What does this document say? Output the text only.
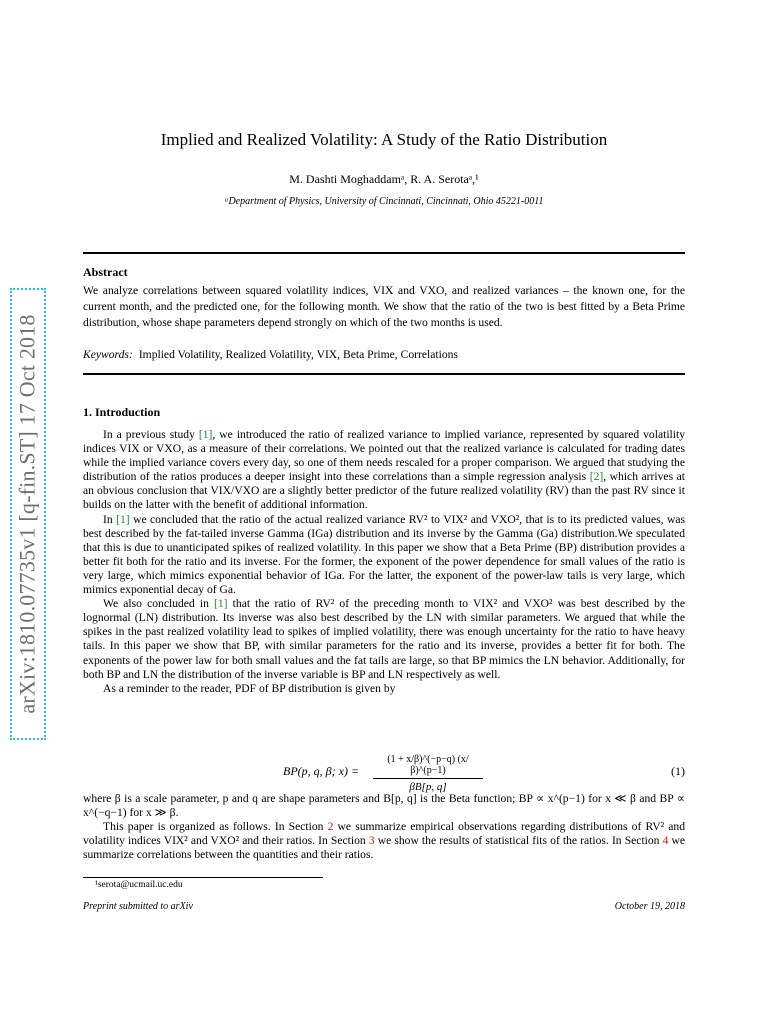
arXiv:1810.07735v1 [q-fin.ST] 17 Oct 2018
Implied and Realized Volatility: A Study of the Ratio Distribution
M. Dashti Moghaddamᵃ, R. A. Serotaᵃ,¹
ᵃDepartment of Physics, University of Cincinnati, Cincinnati, Ohio 45221-0011
Abstract
We analyze correlations between squared volatility indices, VIX and VXO, and realized variances – the known one, for the current month, and the predicted one, for the following month. We show that the ratio of the two is best fitted by a Beta Prime distribution, whose shape parameters depend strongly on which of the two months is used.
Keywords: Implied Volatility, Realized Volatility, VIX, Beta Prime, Correlations
1. Introduction

In a previous study [1], we introduced the ratio of realized variance to implied variance, represented by squared volatility indices VIX or VXO, as a measure of their correlations. We pointed out that the realized variance is calculated for trading dates while the implied variance covers every day, so one of them needs rescaled for a proper comparison. We argued that studying the distribution of the ratios produces a deeper insight into these correlations than a simple regression analysis [2], which arrives at an obvious conclusion that VIX/VXO are a slightly better predictor of the future realized volatility (RV) than the past RV since it builds on the latter with the benefit of additional information.

In [1] we concluded that the ratio of the actual realized variance RV² to VIX² and VXO², that is to its predicted values, was best described by the fat-tailed inverse Gamma (IGa) distribution and its inverse by the Gamma (Ga) distribution.We speculated that this is due to unanticipated spikes of realized volatility. In this paper we show that a Beta Prime (BP) distribution provides a better fit both for the ratio and its inverse. For the former, the exponent of the power dependence for small values of the ratio is very large, which mimics exponential behavior of IGa. For the latter, the exponent of the power-law tails is very large, which mimics exponential decay of Ga.

We also concluded in [1] that the ratio of RV² of the preceding month to VIX² and VXO² was best described by the lognormal (LN) distribution. Its inverse was also best described by the LN with similar parameters. We argued that while the spikes in the past realized volatility lead to spikes of implied volatility, there was enough uncertainty for the ratio to have heavy tails. In this paper we show that BP, with similar parameters for the ratio and its inverse, provides a better fit for both. The exponents of the power law for both small values and the fat tails are large, so that BP mimics the LN behavior. Additionally, for both BP and LN the distribution of the inverse variable is BP and LN respectively as well.

As a reminder to the reader, PDF of BP distribution is given by

BP(p, q, β; $x) = \frac{(1 + x/\beta)\^{}(-p-q) (x/\beta)\^{}(p-1)}{\beta B[p, q]}$	(1)

where β is a scale parameter, p and q are shape parameters and B[p, q] is the Beta function; BP ∝ x^(p−1) for x ≪ β and BP ∝ x^(−q−1) for x ≫ β.

This paper is organized as follows. In Section 2 we summarize empirical observations regarding distributions of RV² and volatility indices VIX² and VXO² and their ratios. In Section 3 we show the results of statistical fits of the ratios. In Section 4 we summarize correlations between the quantities and their ratios.

¹serota@ucmail.uc.edu
Preprint submitted to arXiv	October 19, 2018
